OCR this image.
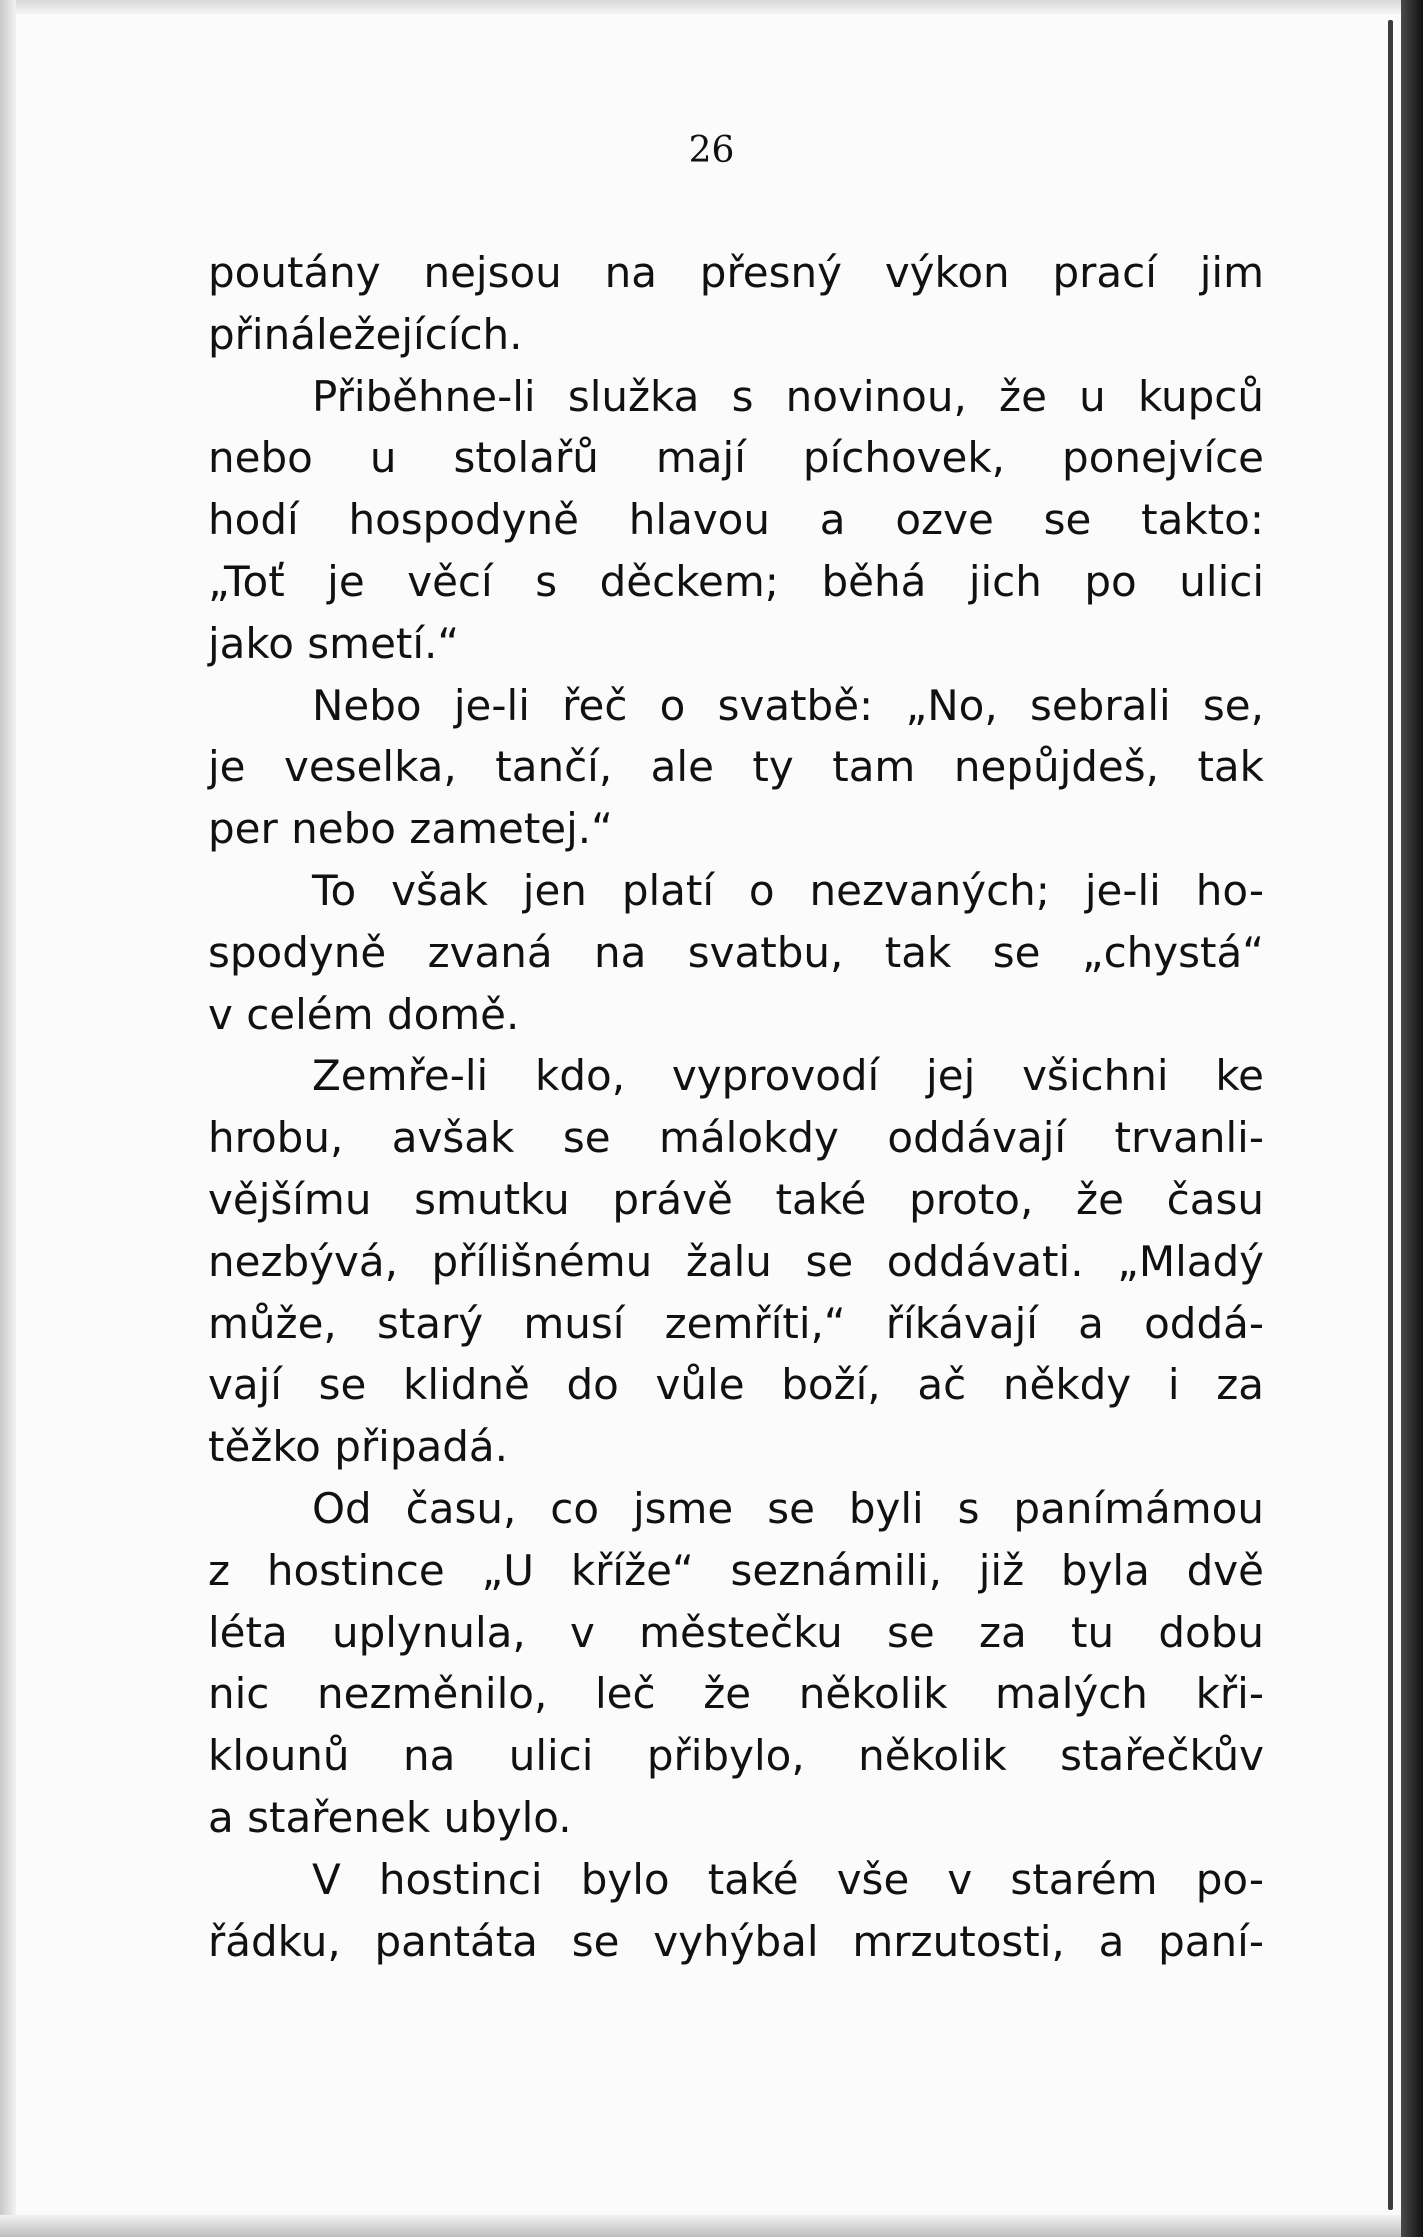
26
poutány nejsou na přesný výkon prací jim
přináležejících.
Přiběhne-li služka s novinou, že u kupců
nebo u stolařů mají píchovek, ponejvíce
hodí hospodyně hlavou a ozve se takto:
„Toť je věcí s děckem; běhá jich po ulici
jako smetí.“
Nebo je-li řeč o svatbě: „No, sebrali se,
je veselka, tančí, ale ty tam nepůjdeš, tak
per nebo zametej.“
To však jen platí o nezvaných; je-li ho-
spodyně zvaná na svatbu, tak se „chystá“
v celém domě.
Zemře-li kdo, vyprovodí jej všichni ke
hrobu, avšak se málokdy oddávají trvanli-
vějšímu smutku právě také proto, že času
nezbývá, přílišnému žalu se oddávati. „Mladý
může, starý musí zemříti,“ říkávají a oddá-
vají se klidně do vůle boží, ač někdy i za
těžko připadá.
Od času, co jsme se byli s panímámou
z hostince „U kříže“ seznámili, již byla dvě
léta uplynula, v městečku se za tu dobu
nic nezměnilo, leč že několik malých kři-
klounů na ulici přibylo, několik stařečkův
a stařenek ubylo.
V hostinci bylo také vše v starém po-
řádku, pantáta se vyhýbal mrzutosti, a paní-
